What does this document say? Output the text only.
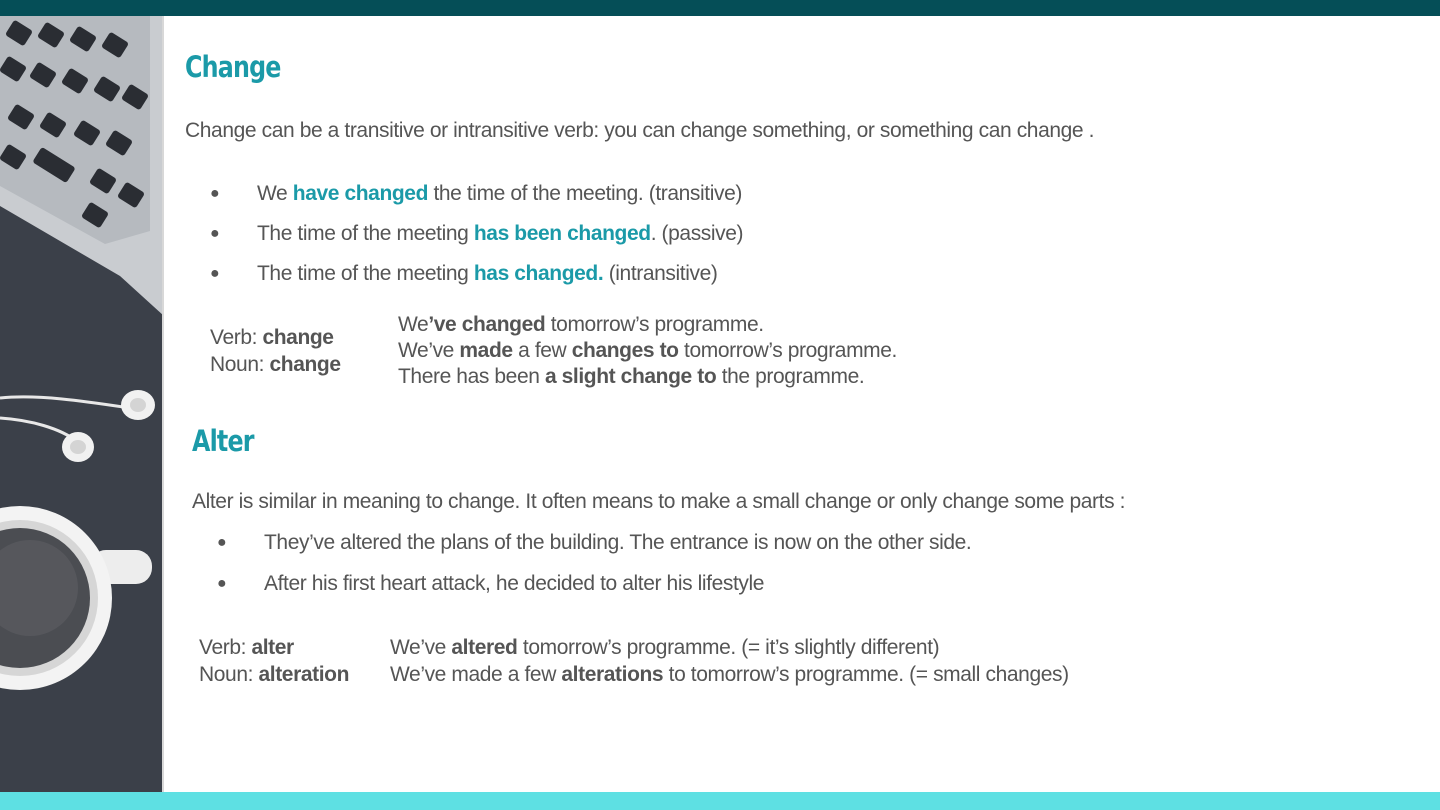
Change

Change can be a transitive or intransitive verb: you can change something, or something can change .

● We have changed the time of the meeting. (transitive)
● The time of the meeting has been changed. (passive)
● The time of the meeting has changed. (intransitive)
Verb: change
Noun: change
We’ve changed tomorrow’s programme.
We’ve made a few changes to tomorrow’s programme.
There has been a slight change to the programme.
Alter

Alter is similar in meaning to change. It often means to make a small change or only change some parts :

● They’ve altered the plans of the building. The entrance is now on the other side.
● After his first heart attack, he decided to alter his lifestyle
Verb: alter
Noun: alteration
We’ve altered tomorrow’s programme. (= it’s slightly different)
We’ve made a few alterations to tomorrow’s programme. (= small changes)
